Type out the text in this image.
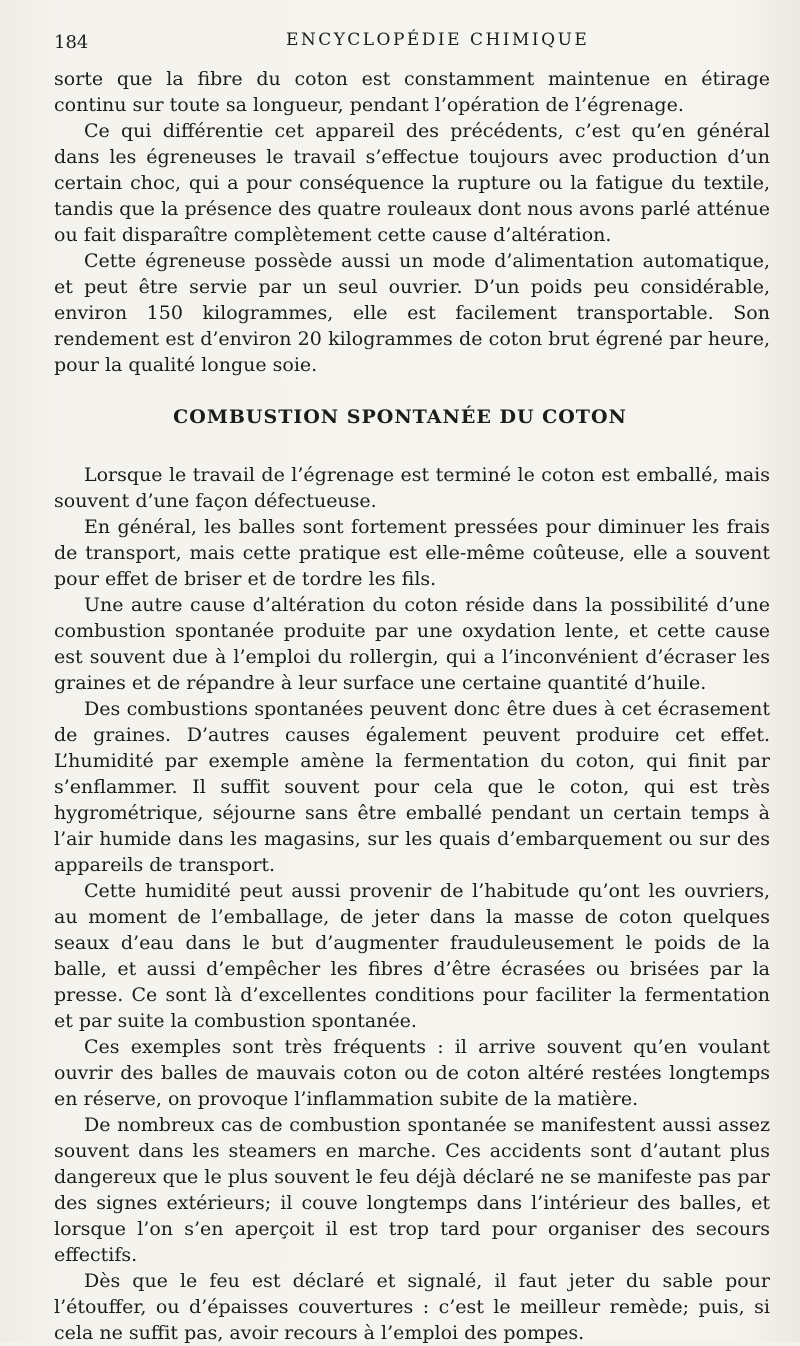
184	ENCYCLOPÉDIE CHIMIQUE

sorte que la fibre du coton est constamment maintenue en étirage continu sur toute sa longueur, pendant l’opération de l’égrenage.

Ce qui différentie cet appareil des précédents, c’est qu’en général dans les égreneuses le travail s’effectue toujours avec production d’un certain choc, qui a pour conséquence la rupture ou la fatigue du textile, tandis que la présence des quatre rouleaux dont nous avons parlé atténue ou fait disparaître complètement cette cause d’altération.

Cette égreneuse possède aussi un mode d’alimentation automatique, et peut être servie par un seul ouvrier. D’un poids peu considérable, environ 150 kilogrammes, elle est facilement transportable. Son rendement est d’environ 20 kilogrammes de coton brut égrené par heure, pour la qualité longue soie.

COMBUSTION SPONTANÉE DU COTON

Lorsque le travail de l’égrenage est terminé le coton est emballé, mais souvent d’une façon défectueuse.

En général, les balles sont fortement pressées pour diminuer les frais de transport, mais cette pratique est elle-même coûteuse, elle a souvent pour effet de briser et de tordre les fils.

Une autre cause d’altération du coton réside dans la possibilité d’une combustion spontanée produite par une oxydation lente, et cette cause est souvent due à l’emploi du rollergin, qui a l’inconvénient d’écraser les graines et de répandre à leur surface une certaine quantité d’huile.

Des combustions spontanées peuvent donc être dues à cet écrasement de graines. D’autres causes également peuvent produire cet effet. L’humidité par exemple amène la fermentation du coton, qui finit par s’enflammer. Il suffit souvent pour cela que le coton, qui est très hygrométrique, séjourne sans être emballé pendant un certain temps à l’air humide dans les magasins, sur les quais d’embarquement ou sur des appareils de transport.

Cette humidité peut aussi provenir de l’habitude qu’ont les ouvriers, au moment de l’emballage, de jeter dans la masse de coton quelques seaux d’eau dans le but d’augmenter frauduleusement le poids de la balle, et aussi d’empêcher les fibres d’être écrasées ou brisées par la presse. Ce sont là d’excellentes conditions pour faciliter la fermentation et par suite la combustion spontanée.

Ces exemples sont très fréquents : il arrive souvent qu’en voulant ouvrir des balles de mauvais coton ou de coton altéré restées longtemps en réserve, on provoque l’inflammation subite de la matière.

De nombreux cas de combustion spontanée se manifestent aussi assez souvent dans les steamers en marche. Ces accidents sont d’autant plus dangereux que le plus souvent le feu déjà déclaré ne se manifeste pas par des signes extérieurs; il couve longtemps dans l’intérieur des balles, et lorsque l’on s’en aperçoit il est trop tard pour organiser des secours effectifs.

Dès que le feu est déclaré et signalé, il faut jeter du sable pour l’étouffer, ou d’épaisses couvertures : c’est le meilleur remède; puis, si cela ne suffit pas, avoir recours à l’emploi des pompes.
